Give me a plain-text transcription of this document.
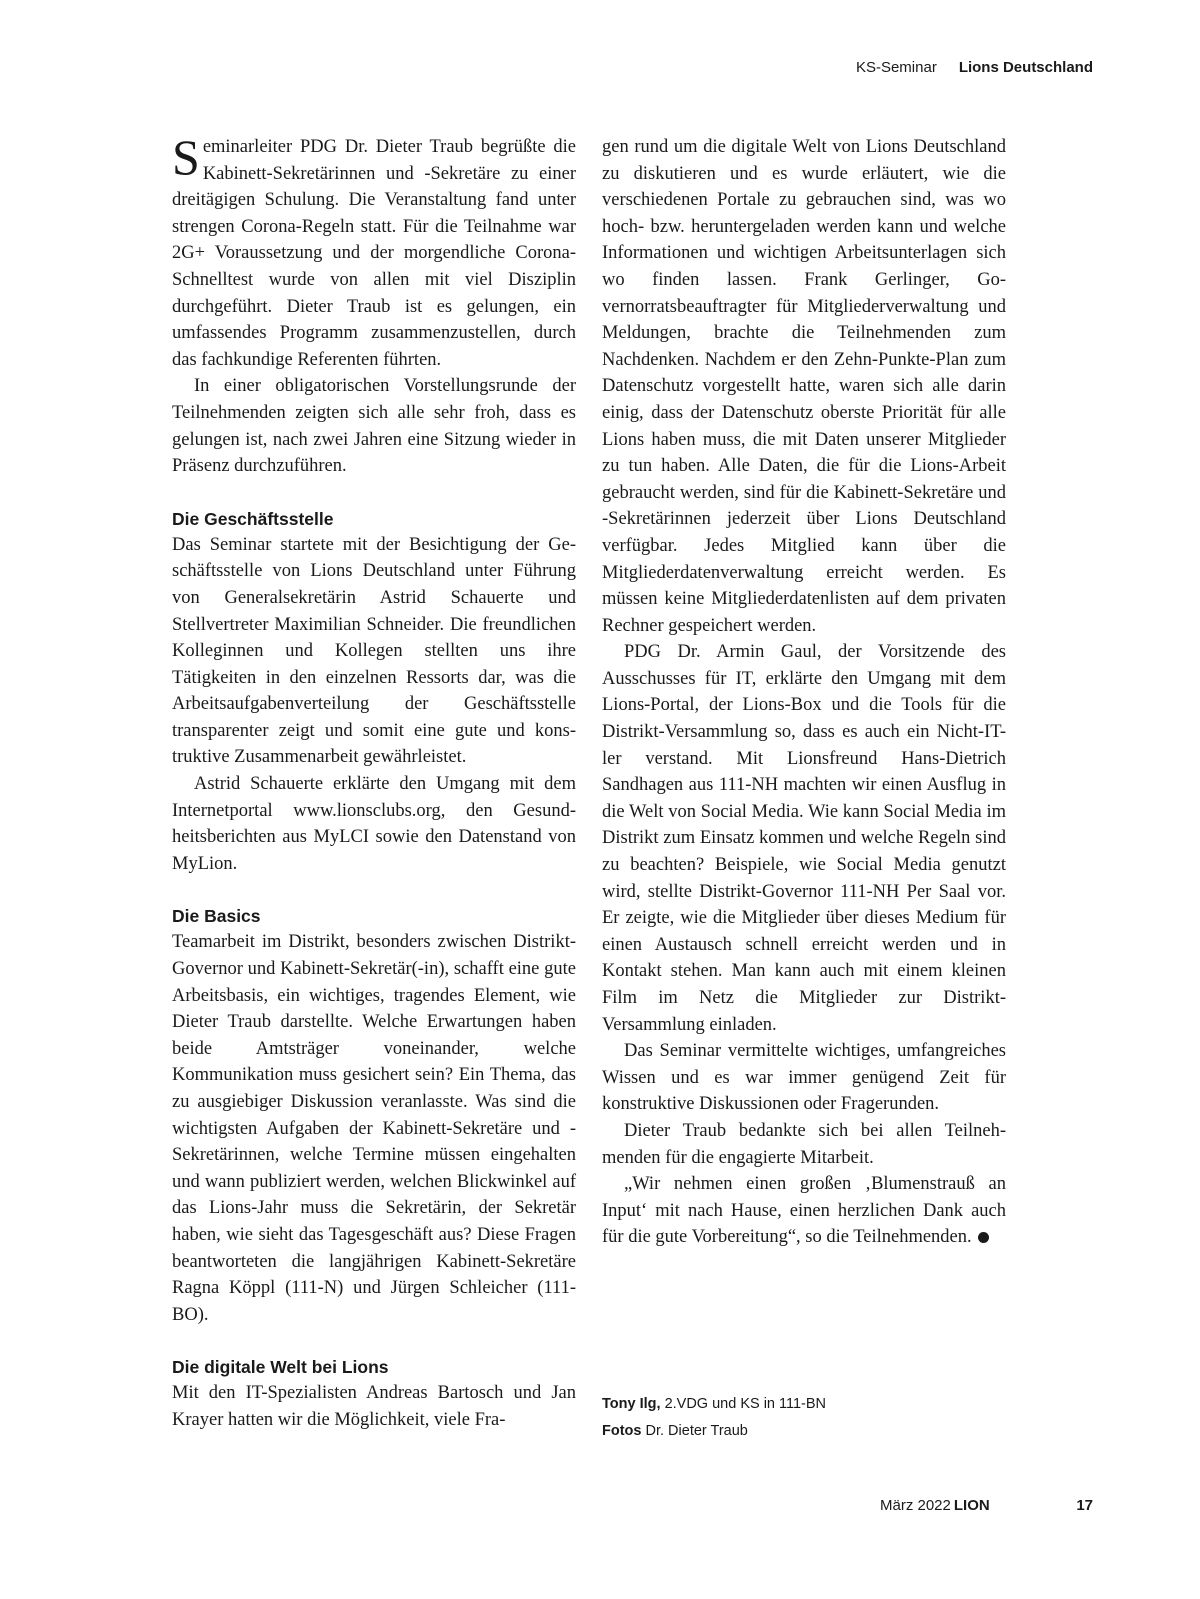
KS-Seminar Lions Deutschland

Seminarleiter PDG Dr. Dieter Traub begrüßte die Kabinett-Sekretärinnen und -Sekretäre zu einer dreitägigen Schulung. Die Veranstaltung fand unter strengen Corona-Regeln statt. Für die Teilnahme war 2G+ Voraussetzung und der morgendliche Corona-Schnelltest wurde von allen mit viel Disziplin durchgeführt. Dieter Traub ist es gelungen, ein umfassendes Programm zusammenzustellen, durch das fachkundige Referenten führten.

In einer obligatorischen Vorstellungsrunde der Teilnehmenden zeigten sich alle sehr froh, dass es gelungen ist, nach zwei Jahren eine Sitzung wieder in Präsenz durchzuführen.

Die Geschäftsstelle

Das Seminar startete mit der Besichtigung der Geschäftsstelle von Lions Deutschland unter Führung von Generalsekretärin Astrid Schauerte und Stellvertreter Maximilian Schneider. Die freundlichen Kolleginnen und Kollegen stellten uns ihre Tätigkeiten in den einzelnen Ressorts dar, was die Arbeitsaufgabenverteilung der Geschäftsstelle transparenter zeigt und somit eine gute und konstruktive Zusammenarbeit gewährleistet.

Astrid Schauerte erklärte den Umgang mit dem Internetportal www.lionsclubs.org, den Gesundheitsberichten aus MyLCI sowie den Datenstand von MyLion.

Die Basics

Teamarbeit im Distrikt, besonders zwischen Distrikt-Governor und Kabinett-Sekretär(-in), schafft eine gute Arbeitsbasis, ein wichtiges, tragendes Element, wie Dieter Traub darstellte. Welche Erwartungen haben beide Amtsträger voneinander, welche Kommunikation muss gesichert sein? Ein Thema, das zu ausgiebiger Diskussion veranlasste. Was sind die wichtigsten Aufgaben der Kabinett-Sekretäre und -Sekretärinnen, welche Termine müssen eingehalten und wann publiziert werden, welchen Blickwinkel auf das Lions-Jahr muss die Sekretärin, der Sekretär haben, wie sieht das Tagesgeschäft aus? Diese Fragen beantworteten die langjährigen Kabinett-Sekretäre Ragna Köppl (111-N) und Jürgen Schleicher (111-BO).

Die digitale Welt bei Lions

Mit den IT-Spezialisten Andreas Bartosch und Jan Krayer hatten wir die Möglichkeit, viele Fra-

gen rund um die digitale Welt von Lions Deutschland zu diskutieren und es wurde erläutert, wie die verschiedenen Portale zu gebrauchen sind, was wo hoch- bzw. heruntergeladen werden kann und welche Informationen und wichtigen Arbeitsunterlagen sich wo finden lassen. Frank Gerlinger, Governorratsbeauftragter für Mitgliederverwaltung und Meldungen, brachte die Teilnehmenden zum Nachdenken. Nachdem er den Zehn-Punkte-Plan zum Datenschutz vorgestellt hatte, waren sich alle darin einig, dass der Datenschutz oberste Priorität für alle Lions haben muss, die mit Daten unserer Mitglieder zu tun haben. Alle Daten, die für die Lions-Arbeit gebraucht werden, sind für die Kabinett-Sekretäre und -Sekretärinnen jederzeit über Lions Deutschland verfügbar. Jedes Mitglied kann über die Mitgliederdatenverwaltung erreicht werden. Es müssen keine Mitgliederdatenlisten auf dem privaten Rechner gespeichert werden.

PDG Dr. Armin Gaul, der Vorsitzende des Ausschusses für IT, erklärte den Umgang mit dem Lions-Portal, der Lions-Box und die Tools für die Distrikt-Versammlung so, dass es auch ein Nicht-IT-ler verstand. Mit Lionsfreund Hans-Dietrich Sandhagen aus 111-NH machten wir einen Ausflug in die Welt von Social Media. Wie kann Social Media im Distrikt zum Einsatz kommen und welche Regeln sind zu beachten? Beispiele, wie Social Media genutzt wird, stellte Distrikt-Governor 111-NH Per Saal vor. Er zeigte, wie die Mitglieder über dieses Medium für einen Austausch schnell erreicht werden und in Kontakt stehen. Man kann auch mit einem kleinen Film im Netz die Mitglieder zur Distrikt-Versammlung einladen.

Das Seminar vermittelte wichtiges, umfangreiches Wissen und es war immer genügend Zeit für konstruktive Diskussionen oder Fragerunden.

Dieter Traub bedankte sich bei allen Teilnehmenden für die engagierte Mitarbeit.

„Wir nehmen einen großen ‚Blumenstrauß an Input‘ mit nach Hause, einen herzlichen Dank auch für die gute Vorbereitung“, so die Teilnehmenden.

Tony Ilg, 2.VDG und KS in 111-BN
Fotos Dr. Dieter Traub
März 2022 LION	17
